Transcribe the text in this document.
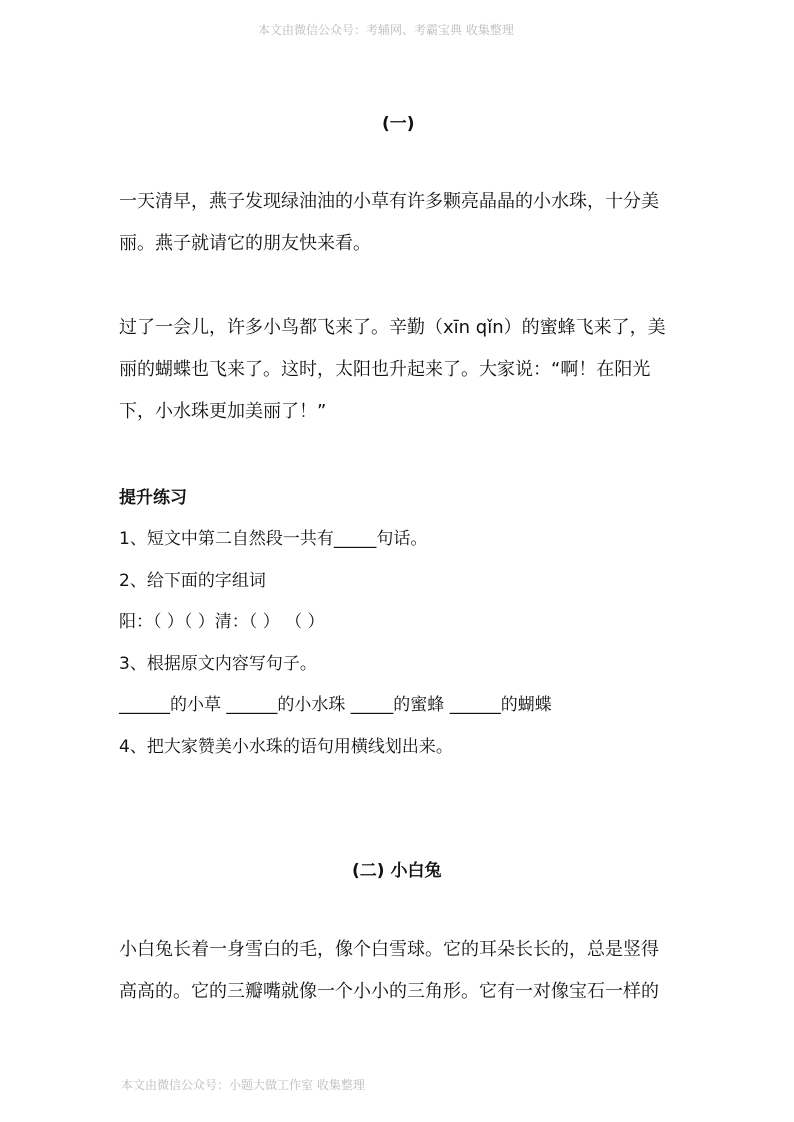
本文由微信公众号：考辅网、考霸宝典 收集整理
(一)
一天清早，燕子发现绿油油的小草有许多颗亮晶晶的小水珠，十分美
丽。燕子就请它的朋友快来看。
过了一会儿，许多小鸟都飞来了。辛勤（xīn qǐn）的蜜蜂飞来了，美
丽的蝴蝶也飞来了。这时，太阳也升起来了。大家说：“啊！在阳光
下，小水珠更加美丽了！”
提升练习
1、短文中第二自然段一共有_____句话。
2、给下面的字组词
阳：（ ）（ ）清：（ ） （ ）
3、根据原文内容写句子。
______的小草 ______的小水珠 _____的蜜蜂 ______的蝴蝶
4、把大家赞美小水珠的语句用横线划出来。
(二) 小白兔
小白兔长着一身雪白的毛，像个白雪球。它的耳朵长长的，总是竖得
高高的。它的三瓣嘴就像一个小小的三角形。它有一对像宝石一样的
本文由微信公众号：小题大做工作室 收集整理
